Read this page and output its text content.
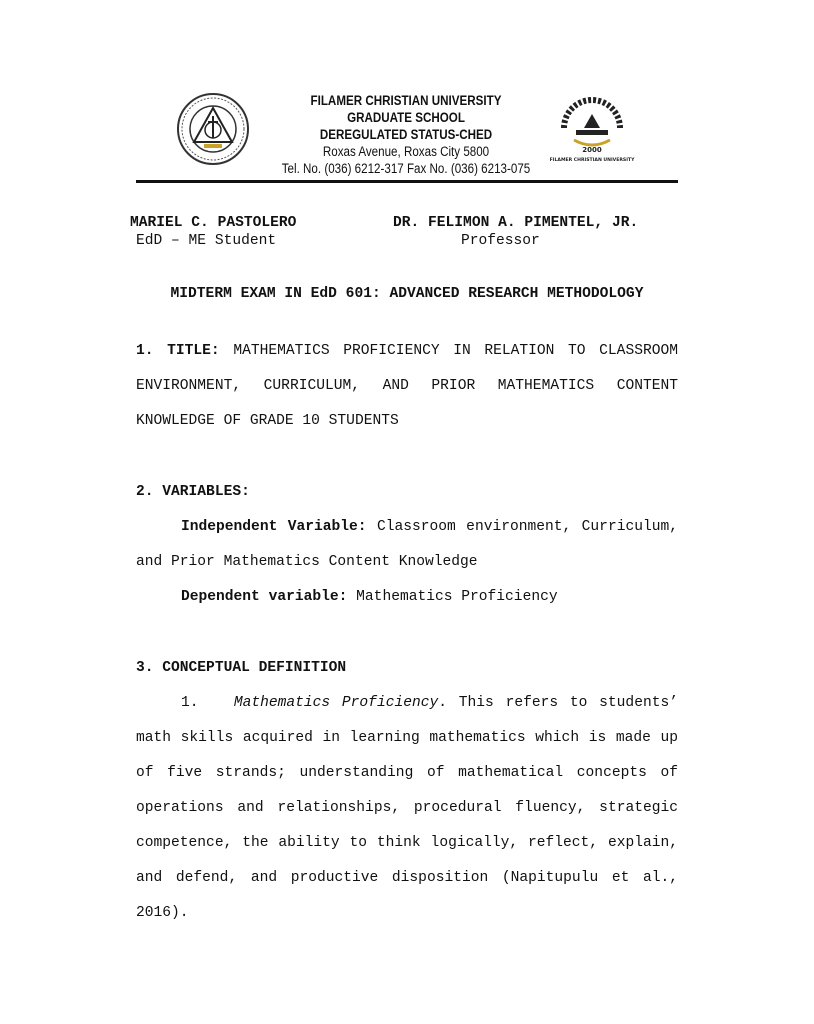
FILAMER CHRISTIAN UNIVERSITY
GRADUATE SCHOOL
DEREGULATED STATUS-CHED
Roxas Avenue, Roxas City 5800
Tel. No. (036) 6212-317 Fax No. (036) 6213-075
2000
FILAMER CHRISTIAN UNIVERSITY
MARIEL C. PASTOLERO
EdD – ME Student
DR. FELIMON A. PIMENTEL, JR.
Professor
MIDTERM EXAM IN EdD 601: ADVANCED RESEARCH METHODOLOGY

1. TITLE: MATHEMATICS PROFICIENCY IN RELATION TO CLASSROOM ENVIRONMENT, CURRICULUM, AND PRIOR MATHEMATICS CONTENT KNOWLEDGE OF GRADE 10 STUDENTS

2. VARIABLES:

Independent Variable: Classroom environment, Curriculum, and Prior Mathematics Content Knowledge

Dependent variable: Mathematics Proficiency

3. CONCEPTUAL DEFINITION

1. Mathematics Proficiency. This refers to students’ math skills acquired in learning mathematics which is made up of five strands; understanding of mathematical concepts of operations and relationships, procedural fluency, strategic competence, the ability to think logically, reflect, explain, and defend, and productive disposition (Napitupulu et al., 2016).
